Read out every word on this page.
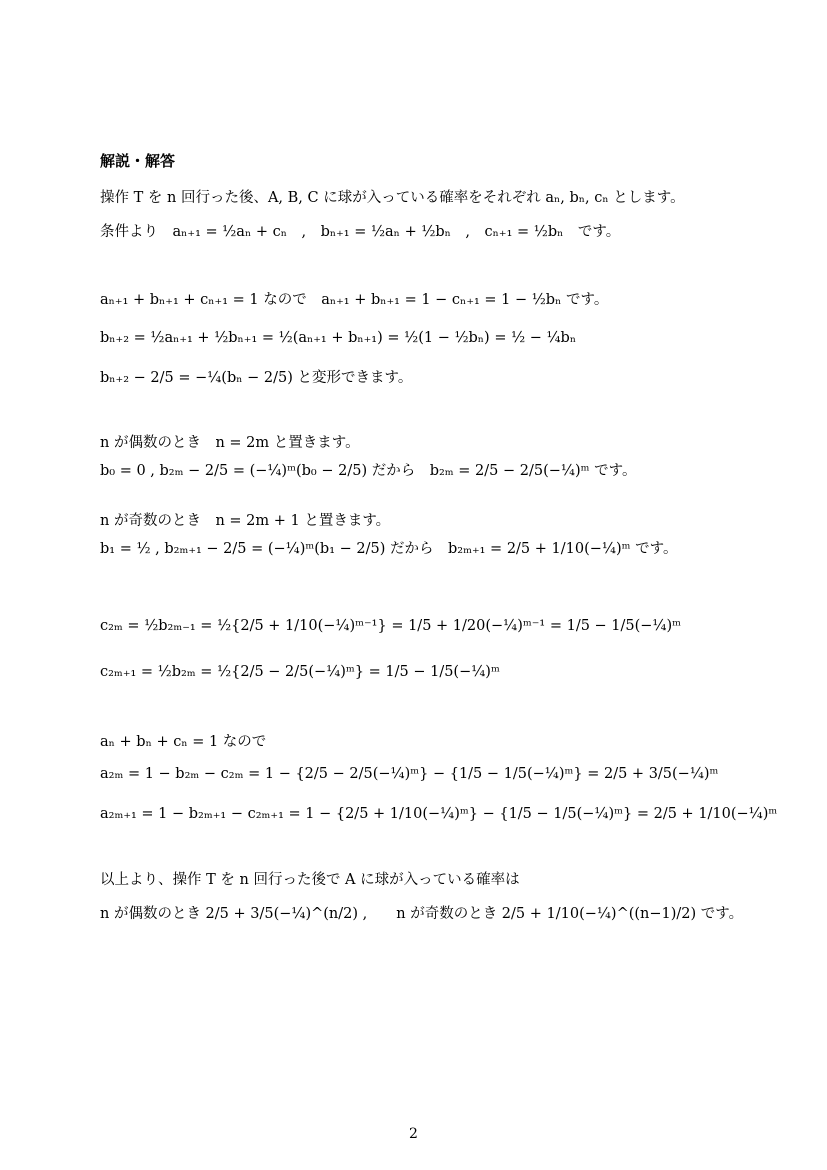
解説・解答
操作 T を n 回行った後、A, B, C に球が入っている確率をそれぞれ aₙ, bₙ, cₙ とします。
条件より　aₙ₊₁ = ½aₙ + cₙ　,　bₙ₊₁ = ½aₙ + ½bₙ　,　cₙ₊₁ = ½bₙ　です。
aₙ₊₁ + bₙ₊₁ + cₙ₊₁ = 1 なので　aₙ₊₁ + bₙ₊₁ = 1 − cₙ₊₁ = 1 − ½bₙ です。
bₙ₊₂ = ½aₙ₊₁ + ½bₙ₊₁ = ½(aₙ₊₁ + bₙ₊₁) = ½(1 − ½bₙ) = ½ − ¼bₙ
bₙ₊₂ − 2/5 = −¼(bₙ − 2/5) と変形できます。
n が偶数のとき　n = 2m と置きます。
b₀ = 0 , b₂ₘ − 2/5 = (−¼)ᵐ(b₀ − 2/5) だから　b₂ₘ = 2/5 − 2/5(−¼)ᵐ です。
n が奇数のとき　n = 2m + 1 と置きます。
b₁ = ½ , b₂ₘ₊₁ − 2/5 = (−¼)ᵐ(b₁ − 2/5) だから　b₂ₘ₊₁ = 2/5 + 1/10(−¼)ᵐ です。
c₂ₘ = ½b₂ₘ₋₁ = ½{2/5 + 1/10(−¼)ᵐ⁻¹} = 1/5 + 1/20(−¼)ᵐ⁻¹ = 1/5 − 1/5(−¼)ᵐ
c₂ₘ₊₁ = ½b₂ₘ = ½{2/5 − 2/5(−¼)ᵐ} = 1/5 − 1/5(−¼)ᵐ
aₙ + bₙ + cₙ = 1 なので
a₂ₘ = 1 − b₂ₘ − c₂ₘ = 1 − {2/5 − 2/5(−¼)ᵐ} − {1/5 − 1/5(−¼)ᵐ} = 2/5 + 3/5(−¼)ᵐ
a₂ₘ₊₁ = 1 − b₂ₘ₊₁ − c₂ₘ₊₁ = 1 − {2/5 + 1/10(−¼)ᵐ} − {1/5 − 1/5(−¼)ᵐ} = 2/5 + 1/10(−¼)ᵐ
以上より、操作 T を n 回行った後で A に球が入っている確率は
n が偶数のとき 2/5 + 3/5(−¼)^(n/2) ,　　n が奇数のとき 2/5 + 1/10(−¼)^((n−1)/2) です。
2
